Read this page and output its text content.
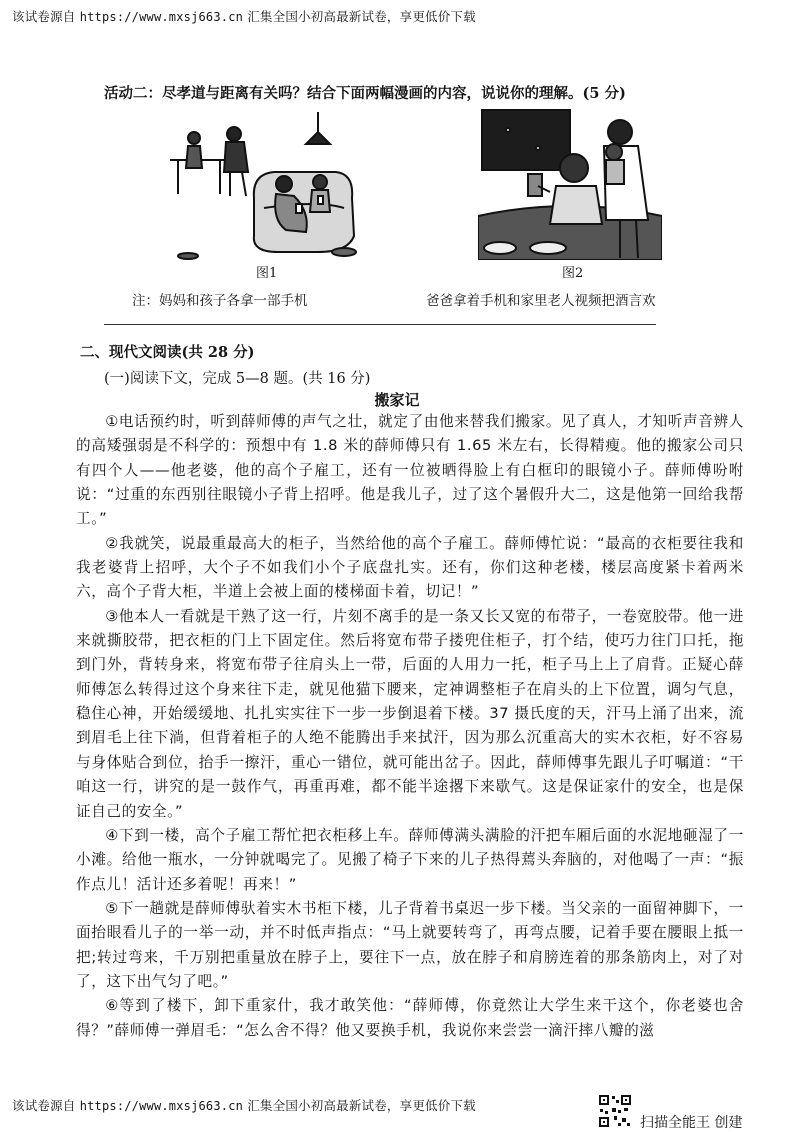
该试卷源自 https://www.mxsj663.cn 汇集全国小初高最新试卷，享更低价下载
活动二：尽孝道与距离有关吗？结合下面两幅漫画的内容，说说你的理解。(5 分)
图1	图2
注：妈妈和孩子各拿一部手机	爸爸拿着手机和家里老人视频把酒言欢
二、现代文阅读(共 28 分)
(一)阅读下文，完成 5—8 题。(共 16 分)
搬家记

①电话预约时，听到薛师傅的声气之壮，就定了由他来替我们搬家。见了真人，才知听声音辨人的高矮强弱是不科学的：预想中有 1.8 米的薛师傅只有 1.65 米左右，长得精瘦。他的搬家公司只有四个人——他老婆，他的高个子雇工，还有一位被晒得脸上有白框印的眼镜小子。薛师傅吩咐说：“过重的东西别往眼镜小子背上招呼。他是我儿子，过了这个暑假升大二，这是他第一回给我帮工。”

②我就笑，说最重最高大的柜子，当然给他的高个子雇工。薛师傅忙说：“最高的衣柜要往我和我老婆背上招呼，大个子不如我们小个子底盘扎实。还有，你们这种老楼，楼层高度紧卡着两米六，高个子背大柜，半道上会被上面的楼梯面卡着，切记！”

③他本人一看就是干熟了这一行，片刻不离手的是一条又长又宽的布带子，一卷宽胶带。他一进来就撕胶带，把衣柜的门上下固定住。然后将宽布带子搂兜住柜子，打个结，使巧力往门口托，拖到门外，背转身来，将宽布带子往肩头上一带，后面的人用力一托，柜子马上上了肩背。正疑心薛师傅怎么转得过这个身来往下走，就见他猫下腰来，定神调整柜子在肩头的上下位置，调匀气息，稳住心神，开始缓缓地、扎扎实实往下一步一步倒退着下楼。37 摄氏度的天，汗马上涌了出来，流到眉毛上往下淌，但背着柜子的人绝不能腾出手来拭汗，因为那么沉重高大的实木衣柜，好不容易与身体贴合到位，抬手一擦汗，重心一错位，就可能出岔子。因此，薛师傅事先跟儿子叮嘱道：“干咱这一行，讲究的是一鼓作气，再重再难，都不能半途撂下来歇气。这是保证家什的安全，也是保证自己的安全。”

④下到一楼，高个子雇工帮忙把衣柜移上车。薛师傅满头满脸的汗把车厢后面的水泥地砸湿了一小滩。给他一瓶水，一分钟就喝完了。见搬了椅子下来的儿子热得蔫头奔脑的，对他喝了一声：“振作点儿！活计还多着呢！再来！”

⑤下一趟就是薛师傅驮着实木书柜下楼，儿子背着书桌迟一步下楼。当父亲的一面留神脚下，一面抬眼看儿子的一举一动，并不时低声指点：“马上就要转弯了，再弯点腰，记着手要在腰眼上抵一把;转过弯来，千万别把重量放在脖子上，要往下一点，放在脖子和肩膀连着的那条筋肉上，对了对了，这下出气匀了吧。”

⑥等到了楼下，卸下重家什，我才敢笑他：“薛师傅，你竟然让大学生来干这个，你老婆也舍得？”薛师傅一弹眉毛：“怎么舍不得？他又要换手机，我说你来尝尝一滴汗摔八瓣的滋

该试卷源自 https://www.mxsj663.cn 汇集全国小初高最新试卷，享更低价下载
扫描全能王 创建
